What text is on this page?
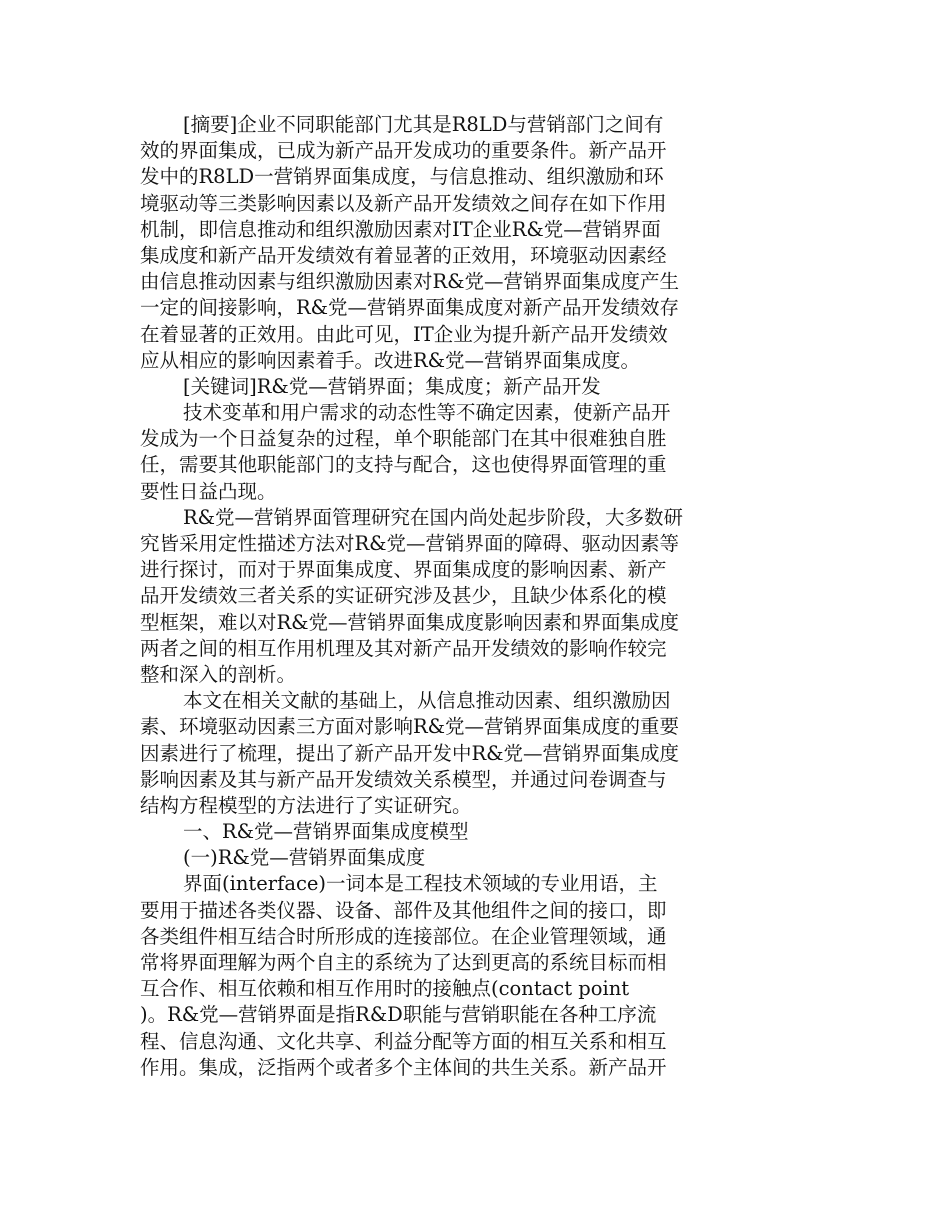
[摘要]企业不同职能部门尤其是R8LD与营销部门之间有
效的界面集成，已成为新产品开发成功的重要条件。新产品开
发中的R8LD一营销界面集成度，与信息推动、组织激励和环
境驱动等三类影响因素以及新产品开发绩效之间存在如下作用
机制，即信息推动和组织激励因素对IT企业R&党—营销界面
集成度和新产品开发绩效有着显著的正效用，环境驱动因素经
由信息推动因素与组织激励因素对R&党—营销界面集成度产生
一定的间接影响，R&党—营销界面集成度对新产品开发绩效存
在着显著的正效用。由此可见，IT企业为提升新产品开发绩效
应从相应的影响因素着手。改进R&党—营销界面集成度。
[关键词]R&党—营销界面；集成度；新产品开发
技术变革和用户需求的动态性等不确定因素，使新产品开
发成为一个日益复杂的过程，单个职能部门在其中很难独自胜
任，需要其他职能部门的支持与配合，这也使得界面管理的重
要性日益凸现。
R&党—营销界面管理研究在国内尚处起步阶段，大多数研
究皆采用定性描述方法对R&党—营销界面的障碍、驱动因素等
进行探讨，而对于界面集成度、界面集成度的影响因素、新产
品开发绩效三者关系的实证研究涉及甚少，且缺少体系化的模
型框架，难以对R&党—营销界面集成度影响因素和界面集成度
两者之间的相互作用机理及其对新产品开发绩效的影响作较完
整和深入的剖析。
本文在相关文献的基础上，从信息推动因素、组织激励因
素、环境驱动因素三方面对影响R&党—营销界面集成度的重要
因素进行了梳理，提出了新产品开发中R&党—营销界面集成度
影响因素及其与新产品开发绩效关系模型，并通过问卷调查与
结构方程模型的方法进行了实证研究。
一、R&党—营销界面集成度模型
(一)R&党—营销界面集成度
界面(interface)一词本是工程技术领域的专业用语，主
要用于描述各类仪器、设备、部件及其他组件之间的接口，即
各类组件相互结合时所形成的连接部位。在企业管理领域，通
常将界面理解为两个自主的系统为了达到更高的系统目标而相
互合作、相互依赖和相互作用时的接触点(contact point
)。R&党—营销界面是指R&D职能与营销职能在各种工序流
程、信息沟通、文化共享、利益分配等方面的相互关系和相互
作用。集成，泛指两个或者多个主体间的共生关系。新产品开
